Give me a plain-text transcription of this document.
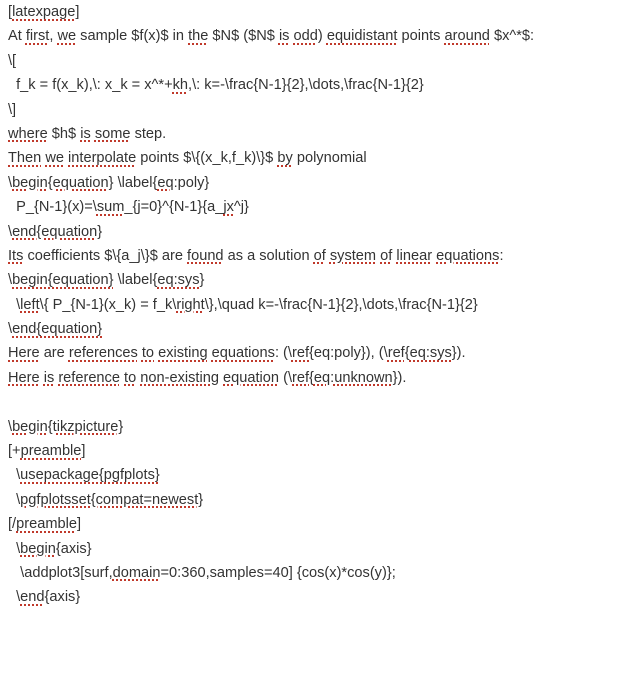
[latexpage]
At first, we sample $f(x)$ in the $N$ ($N$ is odd) equidistant points around $x^*$:
\[
f_k = f(x_k),\: x_k = x^*+kh,\: k=-\frac{N-1}{2},\dots,\frac{N-1}{2}
\]
where $h$ is some step.
Then we interpolate points $\{(x_k,f_k)\}$ by polynomial
\begin{equation} \label{eq:poly}
P_{N-1}(x)=\sum_{j=0}^{N-1}{a_jx^j}
\end{equation}
Its coefficients $\{a_j\}$ are found as a solution of system of linear equations:
\begin{equation} \label{eq:sys}
\left\{ P_{N-1}(x_k) = f_k\right\},\quad k=-\frac{N-1}{2},\dots,\frac{N-1}{2}
\end{equation}
Here are references to existing equations: (\ref{eq:poly}), (\ref{eq:sys}).
Here is reference to non-existing equation (\ref{eq:unknown}).

\begin{tikzpicture}
[+preamble]
\usepackage{pgfplots}
\pgfplotsset{compat=newest}
[/preamble]
\begin{axis}
\addplot3[surf,domain=0:360,samples=40] {cos(x)*cos(y)};
\end{axis}
